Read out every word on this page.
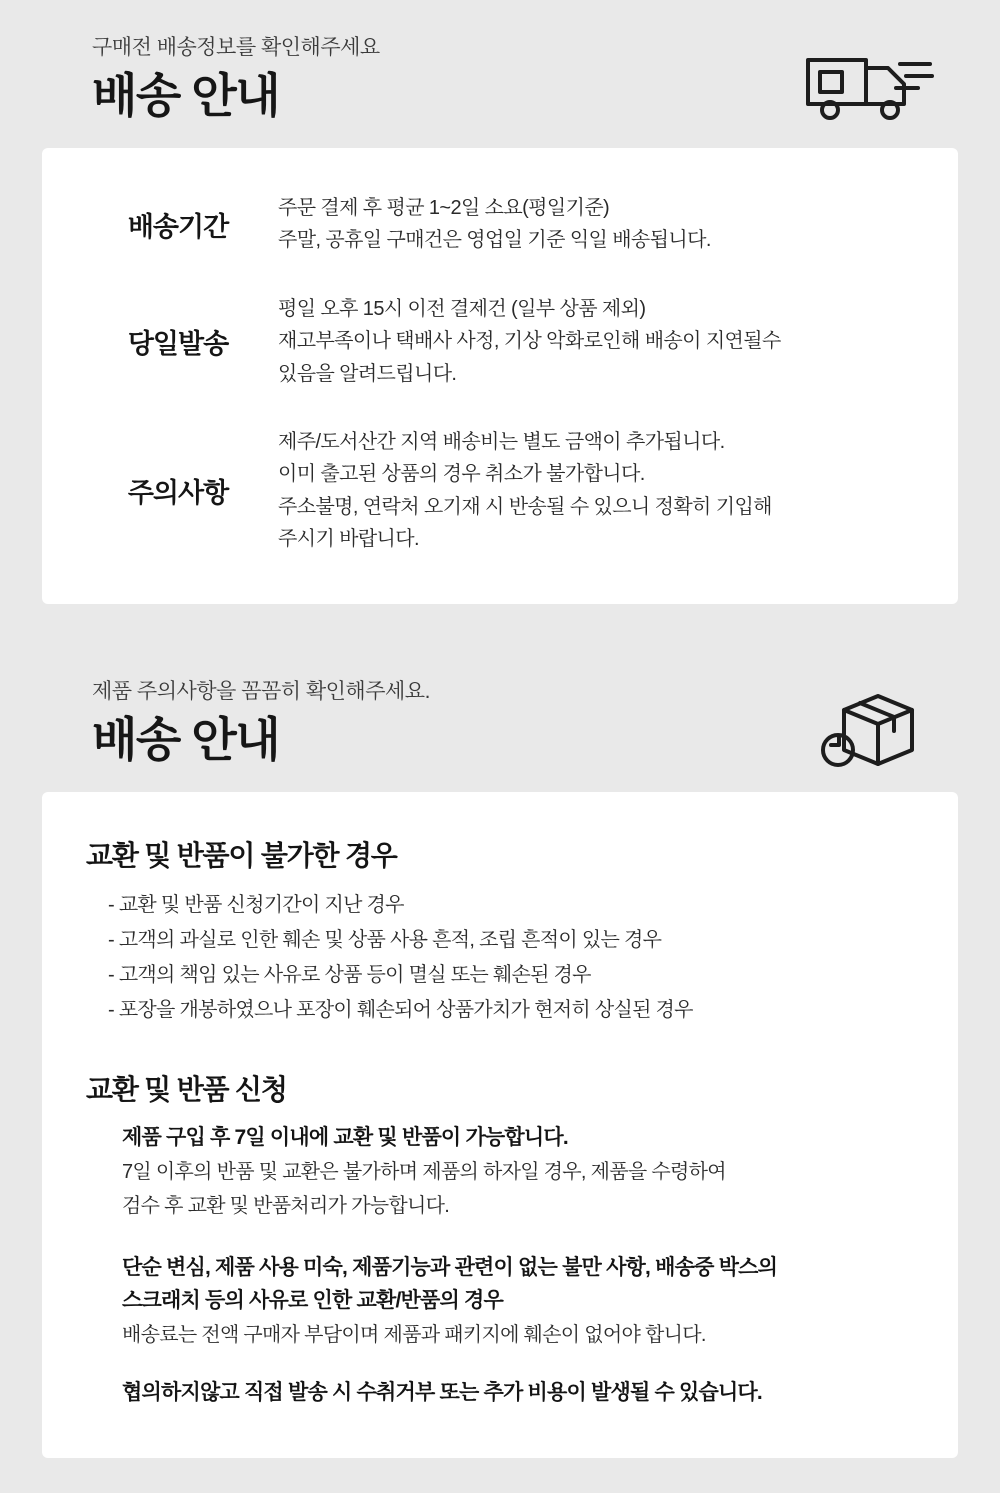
구매전 배송정보를 확인해주세요
배송 안내
배송기간

주문 결제 후 평균 1~2일 소요(평일기준)

주말, 공휴일 구매건은 영업일 기준 익일 배송됩니다.

당일발송

평일 오후 15시 이전 결제건 (일부 상품 제외)

재고부족이나 택배사 사정, 기상 악화로인해 배송이 지연될수

있음을 알려드립니다.

주의사항

제주/도서산간 지역 배송비는 별도 금액이 추가됩니다.

이미 출고된 상품의 경우 취소가 불가합니다.

주소불명, 연락처 오기재 시 반송될 수 있으니 정확히 기입해

주시기 바랍니다.

제품 주의사항을 꼼꼼히 확인해주세요.
배송 안내
교환 및 반품이 불가한 경우
- 교환 및 반품 신청기간이 지난 경우
- 고객의 과실로 인한 훼손 및 상품 사용 흔적, 조립 흔적이 있는 경우
- 고객의 책임 있는 사유로 상품 등이 멸실 또는 훼손된 경우
- 포장을 개봉하였으나 포장이 훼손되어 상품가치가 현저히 상실된 경우
교환 및 반품 신청

제품 구입 후 7일 이내에 교환 및 반품이 가능합니다.

7일 이후의 반품 및 교환은 불가하며 제품의 하자일 경우, 제품을 수령하여

검수 후 교환 및 반품처리가 가능합니다.

단순 변심, 제품 사용 미숙, 제품기능과 관련이 없는 불만 사항, 배송중 박스의

스크래치 등의 사유로 인한 교환/반품의 경우

배송료는 전액 구매자 부담이며 제품과 패키지에 훼손이 없어야 합니다.

협의하지않고 직접 발송 시 수취거부 또는 추가 비용이 발생될 수 있습니다.
